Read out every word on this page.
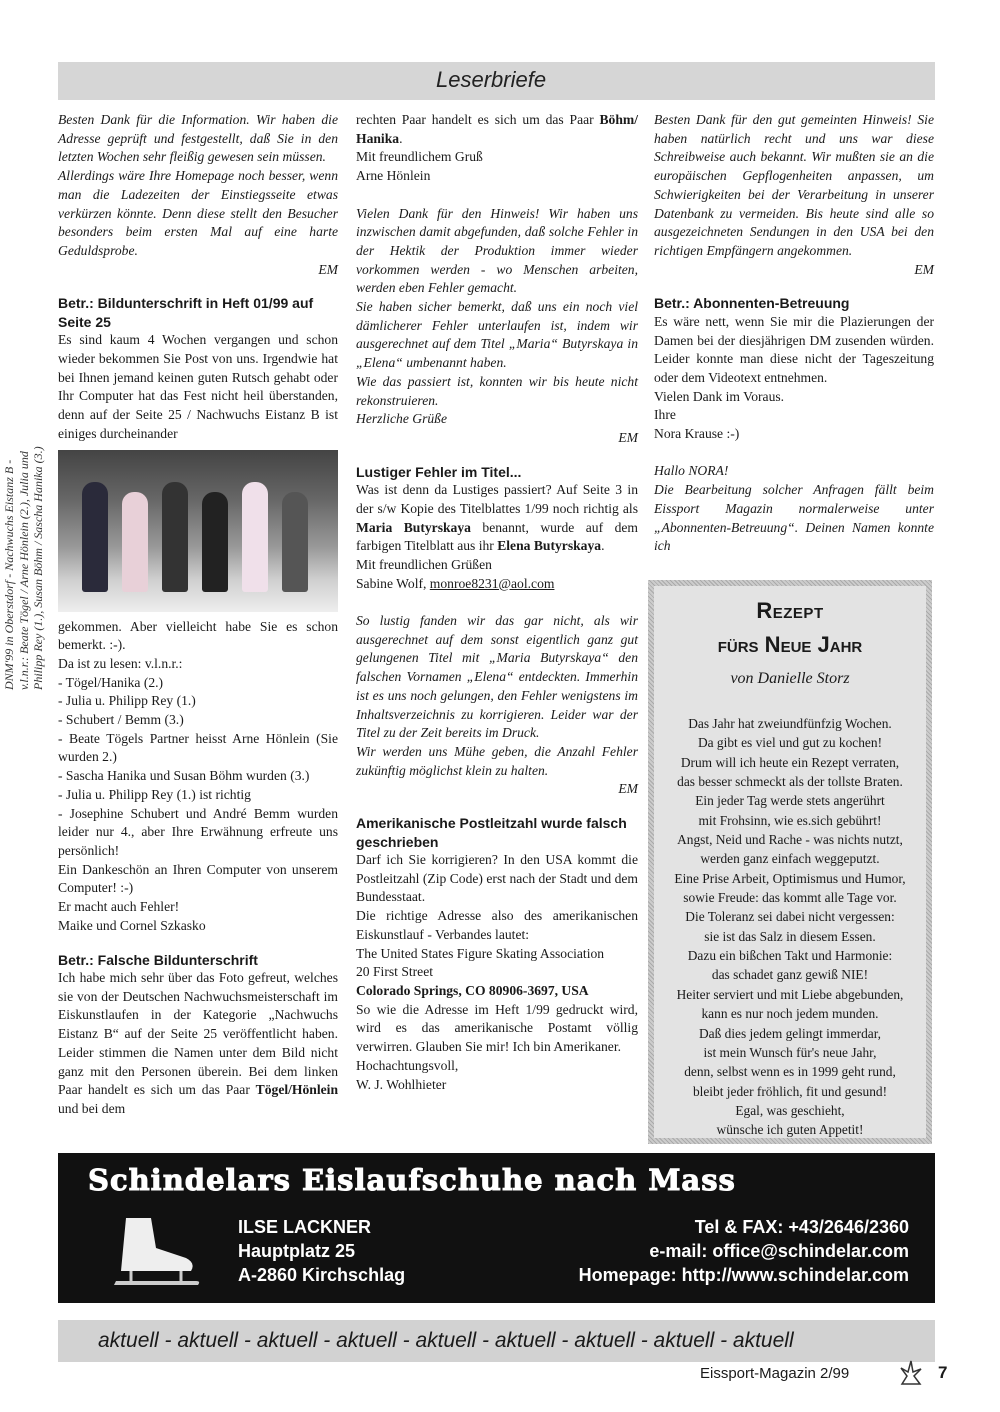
Leserbriefe
DNM'99 in Oberstdorf - Nachwuchs Eistanz B - v.l.n.r.: Beate Tögel / Arne Hönlein (2.), Julia und Philipp Rey (1.), Susan Böhm / Sascha Hanika (3.)
Besten Dank für die Information. Wir haben die Adresse geprüft und festgestellt, daß Sie in den letzten Wochen sehr fleißig gewesen sein müssen.
Allerdings wäre Ihre Homepage noch besser, wenn man die Ladezeiten der Einstiegsseite etwas verkürzen könnte. Denn diese stellt den Besucher besonders beim ersten Mal auf eine harte Geduldsprobe.
EM
Betr.: Bildunterschrift in Heft 01/99 auf Seite 25
Es sind kaum 4 Wochen vergangen und schon wieder bekommen Sie Post von uns. Irgendwie hat bei Ihnen jemand keinen guten Rutsch gehabt oder Ihr Computer hat das Fest nicht heil überstanden, denn auf der Seite 25 / Nachwuchs Eistanz B ist einiges durcheinander
gekommen. Aber vielleicht habe Sie es schon bemerkt. :-).
Da ist zu lesen: v.l.n.r.:
- Tögel/Hanika (2.)
- Julia u. Philipp Rey (1.)
- Schubert / Bemm (3.)
- Beate Tögels Partner heisst Arne Hönlein (Sie wurden 2.)
- Sascha Hanika und Susan Böhm wurden (3.)
- Julia u. Philipp Rey (1.) ist richtig
- Josephine Schubert und André Bemm wurden leider nur 4., aber Ihre Erwähnung erfreute uns persönlich!
Ein Dankeschön an Ihren Computer von unserem Computer! :-)
Er macht auch Fehler!
Maike und Cornel Szkasko
Betr.: Falsche Bildunterschrift
Ich habe mich sehr über das Foto gefreut, welches sie von der Deutschen Nachwuchsmeisterschaft im Eiskunstlaufen in der Kategorie „Nachwuchs Eistanz B“ auf der Seite 25 veröffentlicht haben. Leider stimmen die Namen unter dem Bild nicht ganz mit den Personen überein. Bei dem linken Paar handelt es sich um das Paar Tögel/Hönlein und bei dem
rechten Paar handelt es sich um das Paar Böhm/ Hanika.
Mit freundlichem Gruß
Arne Hönlein
Vielen Dank für den Hinweis! Wir haben uns inzwischen damit abgefunden, daß solche Fehler in der Hektik der Produktion immer wieder vorkommen werden - wo Menschen arbeiten, werden eben Fehler gemacht.
Sie haben sicher bemerkt, daß uns ein noch viel dämlicherer Fehler unterlaufen ist, indem wir ausgerechnet auf dem Titel „Maria“ Butyrskaya in „Elena“ umbenannt haben.
Wie das passiert ist, konnten wir bis heute nicht rekonstruieren.
Herzliche Grüße
EM
Lustiger Fehler im Titel...
Was ist denn da Lustiges passiert? Auf Seite 3 in der s/w Kopie des Titelblattes 1/99 noch richtig als Maria Butyrskaya benannt, wurde auf dem farbigen Titelblatt aus ihr Elena Butyrskaya.
Mit freundlichen Grüßen
Sabine Wolf, monroe8231@aol.com
So lustig fanden wir das gar nicht, als wir ausgerechnet auf dem sonst eigentlich ganz gut gelungenen Titel mit „Maria Butyrskaya“ den falschen Vornamen „Elena“ entdeckten. Immerhin ist es uns noch gelungen, den Fehler wenigstens im Inhaltsverzeichnis zu korrigieren. Leider war der Titel zu der Zeit bereits im Druck.
Wir werden uns Mühe geben, die Anzahl Fehler zukünftig möglichst klein zu halten.
EM
Amerikanische Postleitzahl wurde falsch geschrieben
Darf ich Sie korrigieren? In den USA kommt die Postleitzahl (Zip Code) erst nach der Stadt und dem Bundesstaat.
Die richtige Adresse also des amerikanischen Eiskunstlauf - Verbandes lautet:
The United States Figure Skating Association
20 First Street
Colorado Springs, CO 80906-3697, USA
So wie die Adresse im Heft 1/99 gedruckt wird, wird es das amerikanische Postamt völlig verwirren. Glauben Sie mir! Ich bin Amerikaner.
Hochachtungsvoll,
W. J. Wohlhieter
Besten Dank für den gut gemeinten Hinweis! Sie haben natürlich recht und uns war diese Schreibweise auch bekannt. Wir mußten sie an die europäischen Gepflogenheiten anpassen, um Schwierigkeiten bei der Verarbeitung in unserer Datenbank zu vermeiden. Bis heute sind alle so ausgezeichneten Sendungen in den USA bei den richtigen Empfängern angekommen.
EM
Betr.: Abonnenten-Betreuung
Es wäre nett, wenn Sie mir die Plazierungen der Damen bei der diesjährigen DM zusenden würden. Leider konnte man diese nicht der Tageszeitung oder dem Videotext entnehmen.
Vielen Dank im Voraus.
Ihre
Nora Krause :-)
Hallo NORA!
Die Bearbeitung solcher Anfragen fällt beim Eissport Magazin normalerweise unter „Abonnenten-Betreuung“. Deinen Namen konnte ich
Rezept
fürs Neue Jahr
von Danielle Storz
Das Jahr hat zweiundfünfzig Wochen.
Da gibt es viel und gut zu kochen!
Drum will ich heute ein Rezept verraten,
das besser schmeckt als der tollste Braten.
Ein jeder Tag werde stets angerührt
mit Frohsinn, wie es.sich gebührt!
Angst, Neid und Rache - was nichts nutzt,
werden ganz einfach weggeputzt.
Eine Prise Arbeit, Optimismus und Humor,
sowie Freude: das kommt alle Tage vor.
Die Toleranz sei dabei nicht vergessen:
sie ist das Salz in diesem Essen.
Dazu ein bißchen Takt und Harmonie:
das schadet ganz gewiß NIE!
Heiter serviert und mit Liebe abgebunden,
kann es nur noch jedem munden.
Daß dies jedem gelingt immerdar,
ist mein Wunsch für's neue Jahr,
denn, selbst wenn es in 1999 geht rund,
bleibt jeder fröhlich, fit und gesund!
Egal, was geschieht,
wünsche ich guten Appetit!
Schindelars Eislaufschuhe nach Mass
ILSE LACKNER
Hauptplatz 25
A-2860 Kirchschlag
Tel & FAX: +43/2646/2360
e-mail: office@schindelar.com
Homepage: http://www.schindelar.com
aktuell - aktuell - aktuell - aktuell - aktuell - aktuell - aktuell - aktuell - aktuell
Eissport-Magazin 2/99	7
